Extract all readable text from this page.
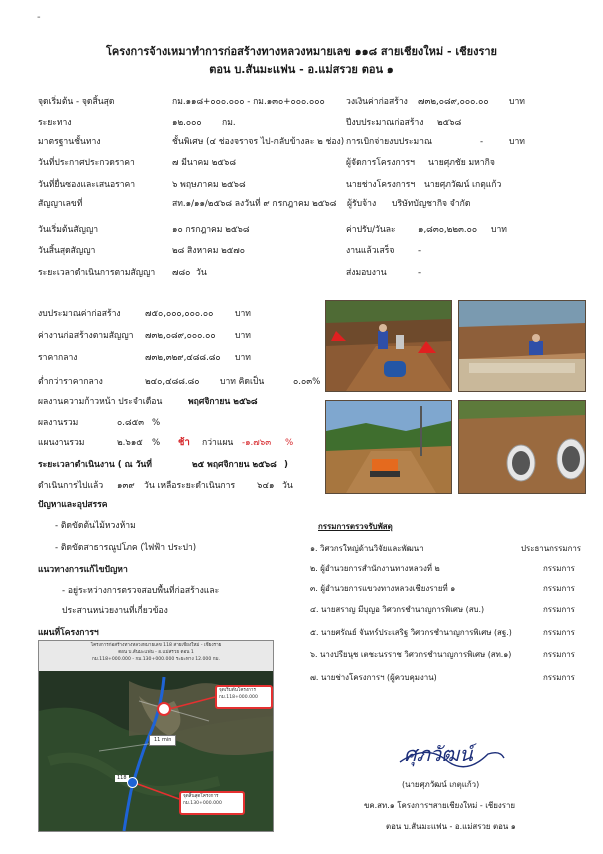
-
โครงการจ้างเหมาทำการก่อสร้างทางหลวงหมายเลข ๑๑๘ สายเชียงใหม่ - เชียงราย
ตอน บ.สันมะแฟน - อ.แม่สรวย ตอน ๑
จุดเริ่มต้น - จุดสิ้นสุด	กม.๑๑๘+๐๐๐.๐๐๐ - กม.๑๓๐+๐๐๐.๐๐๐ วงเงินค่าก่อสร้าง ๗๓๒,๐๘๙,๐๐๐.๐๐ บาท
ระยะทาง	๑๒.๐๐๐ กม.	ปีงบประมาณก่อสร้าง ๒๕๖๘
มาตรฐานชั้นทาง	ชั้นพิเศษ (๔ ช่องจราจร ไป-กลับข้างละ ๒ ช่อง) การเบิกจ่ายงบประมาณ	-	บาท
วันที่ประกาศประกวดราคา	๗ มีนาคม ๒๕๖๘	ผู้จัดการโครงการฯ นายศุภชัย มหากิจ
วันที่ยื่นซองและเสนอราคา	๖ พฤษภาคม ๒๕๖๘	นายช่างโครงการฯ นายศุภวัฒน์ เกตุแก้ว
สัญญาเลขที่	สท.๑/๑๑/๒๕๖๘ ลงวันที่ ๙ กรกฎาคม ๒๕๖๘ ผู้รับจ้าง บริษัทบัญชากิจ จำกัด
วันเริ่มต้นสัญญา	๑๐ กรกฎาคม ๒๕๖๘	ค่าปรับ/วันละ	๑,๘๓๐,๒๒๓.๐๐ บาท
วันสิ้นสุดสัญญา	๒๘ สิงหาคม ๒๕๗๐	งานแล้วเสร็จ	-
ระยะเวลาดำเนินการตามสัญญา ๗๘๐ วัน	ส่งมอบงาน	-
งบประมาณค่าก่อสร้าง	๗๕๐,๐๐๐,๐๐๐.๐๐	บาท
ค่างานก่อสร้างตามสัญญา ๗๓๒,๐๘๙,๐๐๐.๐๐ บาท
ราคากลาง	๗๓๒,๓๒๙,๔๘๘.๘๐ บาท
ต่ำกว่าราคากลาง	๒๔๐,๔๘๘.๘๐ บาท คิดเป็น	๐.๐๓%
ผลงานความก้าวหน้า ประจำเดือน	พฤศจิกายน ๒๕๖๘
ผลงานรวม	๐.๘๕๓ %
แผนงานรวม	๒.๖๑๕ % ช้า กว่าแผน -๑.๗๖๓ %
ระยะเวลาดำเนินงาน ( ณ วันที่	๒๕ พฤศจิกายน ๒๕๖๘ )
ดำเนินการไปแล้ว ๑๓๙ วัน เหลือระยะดำเนินการ	๖๔๑ วัน
ปัญหาและอุปสรรค
- ติดขัดต้นไม้หวงห้าม
- ติดขัดสาธารณูปโภค (ไฟฟ้า ประปา)
แนวทางการแก้ไขปัญหา
- อยู่ระหว่างการตรวจสอบพื้นที่ก่อสร้างและ
ประสานหน่วยงานที่เกี่ยวข้อง
แผนที่โครงการฯ
โครงการก่อสร้างทางหลวงหมายเลข 118 สายเชียงใหม่ - เชียงราย
ตอน บ.สันมะแฟน - อ.แม่สรวย ตอน 1
กม.118+000.000 - กม.130+000.000 ระยะทาง 12.000 กม.
จุดเริ่มต้นโครงการ
กม.118+000.000
11 min
118
จุดสิ้นสุดโครงการ
กม.130+000.000
กรรมการตรวจรับพัสดุ
๑. วิศวกรใหญ่ด้านวิจัยและพัฒนา	ประธานกรรมการ
๒. ผู้อำนวยการสำนักงานทางหลวงที่ ๒	กรรมการ
๓. ผู้อำนวยการแขวงทางหลวงเชียงรายที่ ๑	กรรมการ
๔. นายสราญ มีบุญอ วิศวกรชำนาญการพิเศษ (สบ.)	กรรมการ
๕. นายศรัณย์ จันทร์ประเสริฐ วิศวกรชำนาญการพิเศษ (สฐ.)	กรรมการ
๖. นางปรียนุช เตชะนรราช วิศวกรชำนาญการพิเศษ (สท.๑)	กรรมการ
๗. นายช่างโครงการฯ (ผู้ควบคุมงาน)	กรรมการ
ศุภวัฒน์
(นายศุภวัฒน์ เกตุแก้ว)
ขค.สท.๑ โครงการฯสายเชียงใหม่ - เชียงราย
ตอน บ.สันมะแฟน - อ.แม่สรวย ตอน ๑
